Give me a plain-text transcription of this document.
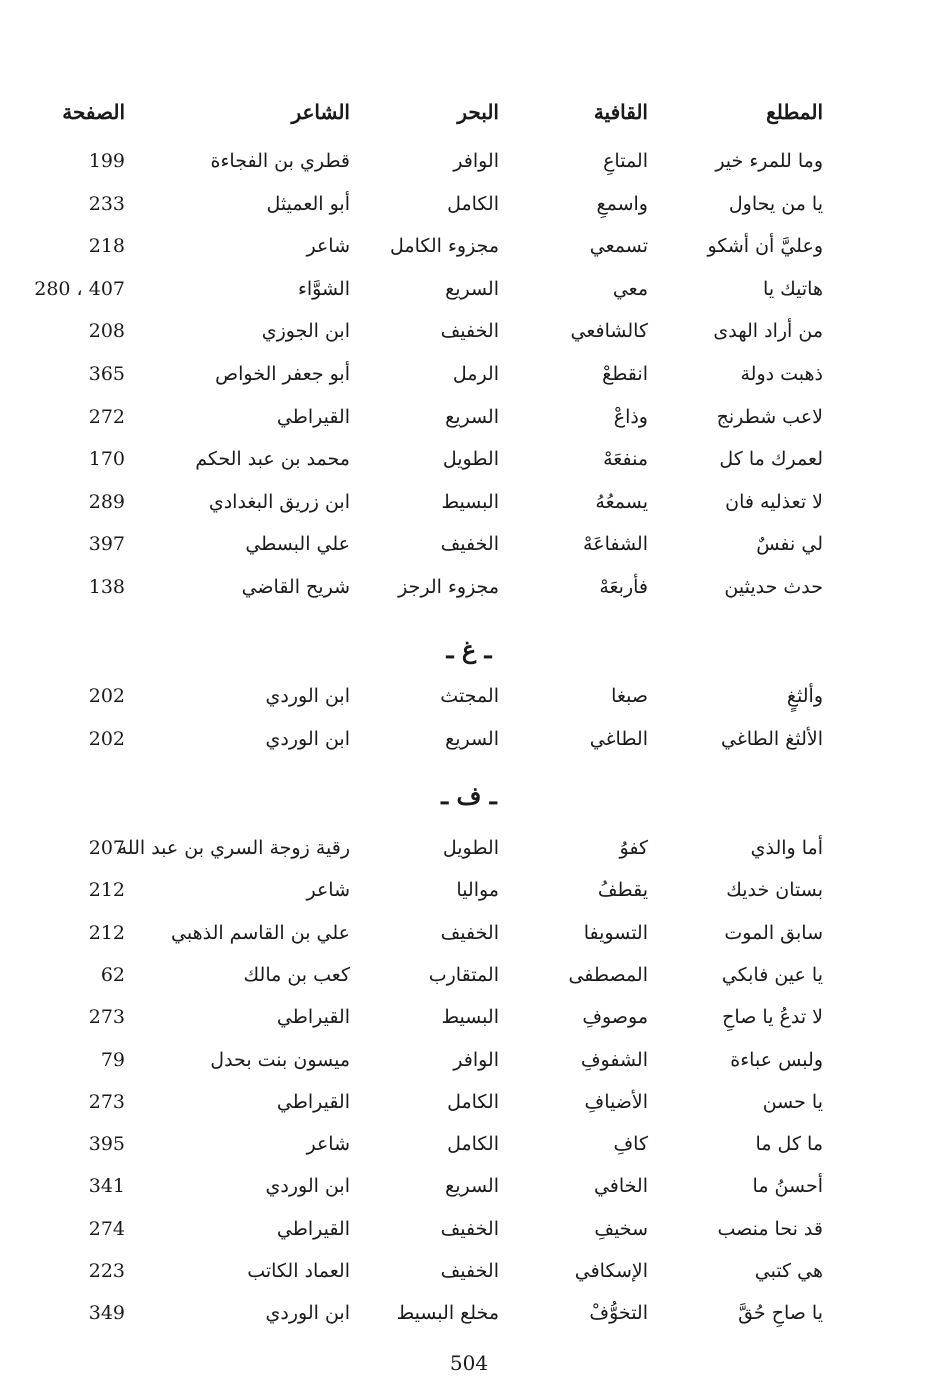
المطلع
القافية
البحر
الشاعر
الصفحة
وما للمرء خير
المتاعِ
الوافر
قطري بن الفجاءة
199
يا من يحاول
واسمعِ
الكامل
أبو العميثل
233
وعليَّ أن أشكو
تسمعي
مجزوء الكامل
شاعر
218
هاتيك يا
معي
السريع
الشوَّاء
280 ، 407
من أراد الهدى
كالشافعي
الخفيف
ابن الجوزي
208
ذهبت دولة
انقطعْ
الرمل
أبو جعفر الخواص
365
لاعب شطرنج
وذاعْ
السريع
القيراطي
272
لعمرك ما كل
منفعَهْ
الطويل
محمد بن عبد الحكم
170
لا تعذليه فان
يسمعُهُ
البسيط
ابن زريق البغدادي
289
لي نفسٌ
الشفاعَهْ
الخفيف
علي البسطي
397
حدث حديثين
فأربعَهْ
مجزوء الرجز
شريح القاضي
138
ـ غ ـ
وألثغٍ
صبغا
المجتث
ابن الوردي
202
الألثغ الطاغي
الطاغي
السريع
ابن الوردي
202
ـ ف ـ
أما والذي
كفوُ
الطويل
رقية زوجة السري بن عبد الله
207
بستان خديك
يقطفُ
مواليا
شاعر
212
سابق الموت
التسويفا
الخفيف
علي بن القاسم الذهبي
212
يا عين فابكي
المصطفى
المتقارب
كعب بن مالك
62
لا تدعُ يا صاحِ
موصوفِ
البسيط
القيراطي
273
ولبس عباءة
الشفوفِ
الوافر
ميسون بنت بحدل
79
يا حسن
الأضيافِ
الكامل
القيراطي
273
ما كل ما
كافِ
الكامل
شاعر
395
أحسنُ ما
الخافي
السريع
ابن الوردي
341
قد نحا منصب
سخيفِ
الخفيف
القيراطي
274
هي كتبي
الإسكافي
الخفيف
العماد الكاتب
223
يا صاحِ حُقَّ
التخوُّفْ
مخلع البسيط
ابن الوردي
349
504
